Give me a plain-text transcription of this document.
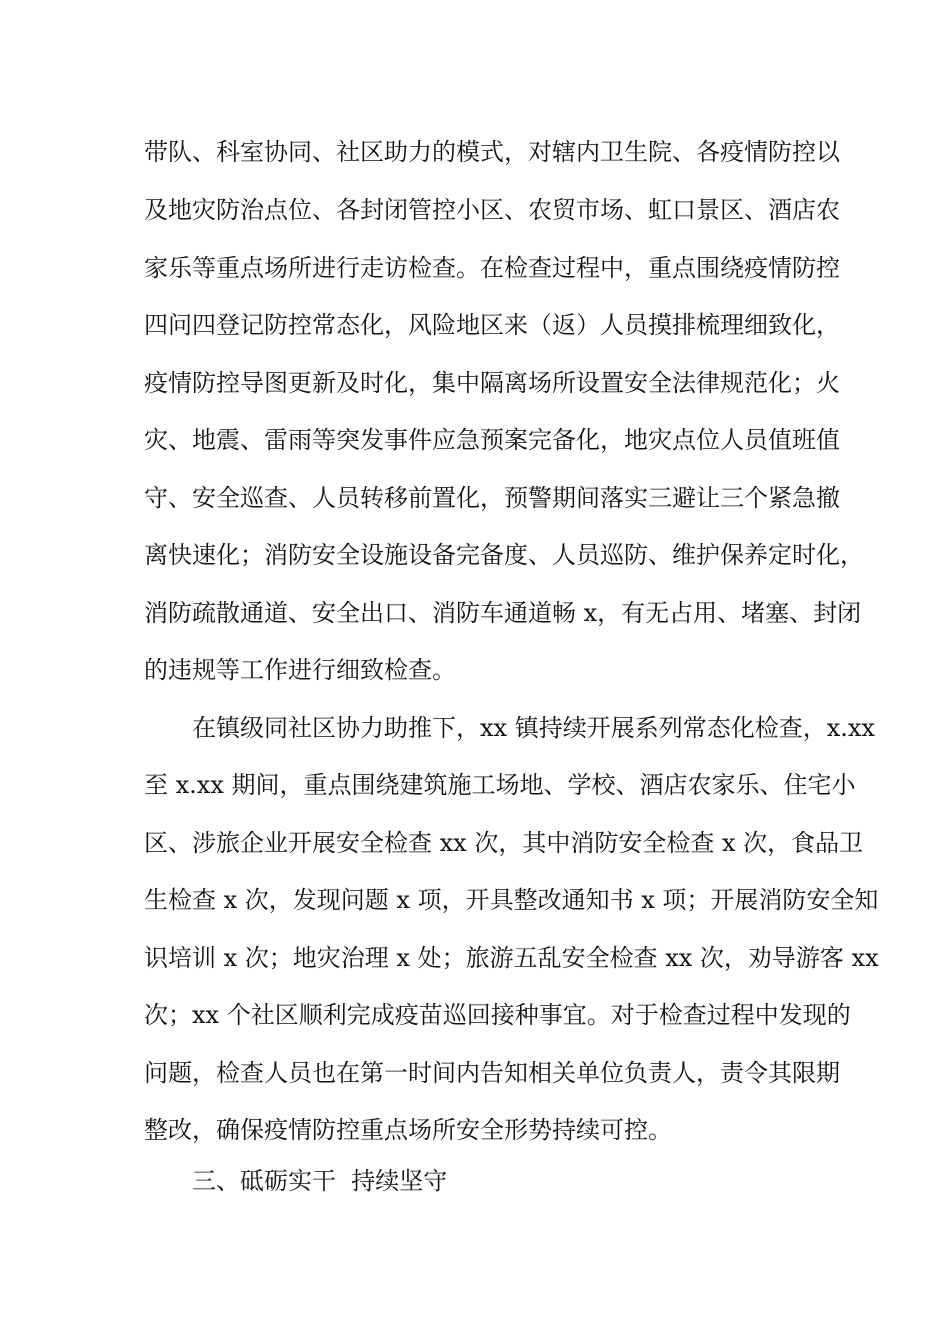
带队、科室协同、社区助力的模式，对辖内卫生院、各疫情防控以
及地灾防治点位、各封闭管控小区、农贸市场、虹口景区、酒店农
家乐等重点场所进行走访检查。在检查过程中，重点围绕疫情防控
四问四登记防控常态化，风险地区来（返）人员摸排梳理细致化，
疫情防控导图更新及时化，集中隔离场所设置安全法律规范化；火
灾、地震、雷雨等突发事件应急预案完备化，地灾点位人员值班值
守、安全巡查、人员转移前置化，预警期间落实三避让三个紧急撤
离快速化；消防安全设施设备完备度、人员巡防、维护保养定时化，
消防疏散通道、安全出口、消防车通道畅 x，有无占用、堵塞、封闭
的违规等工作进行细致检查。
在镇级同社区协力助推下，xx 镇持续开展系列常态化检查，x.xx
至 x.xx 期间，重点围绕建筑施工场地、学校、酒店农家乐、住宅小
区、涉旅企业开展安全检查 xx 次，其中消防安全检查 x 次，食品卫
生检查 x 次，发现问题 x 项，开具整改通知书 x 项；开展消防安全知
识培训 x 次；地灾治理 x 处；旅游五乱安全检查 xx 次，劝导游客 xx
次；xx 个社区顺利完成疫苗巡回接种事宜。对于检查过程中发现的
问题，检查人员也在第一时间内告知相关单位负责人，责令其限期
整改，确保疫情防控重点场所安全形势持续可控。
三、砥砺实干  持续坚守
